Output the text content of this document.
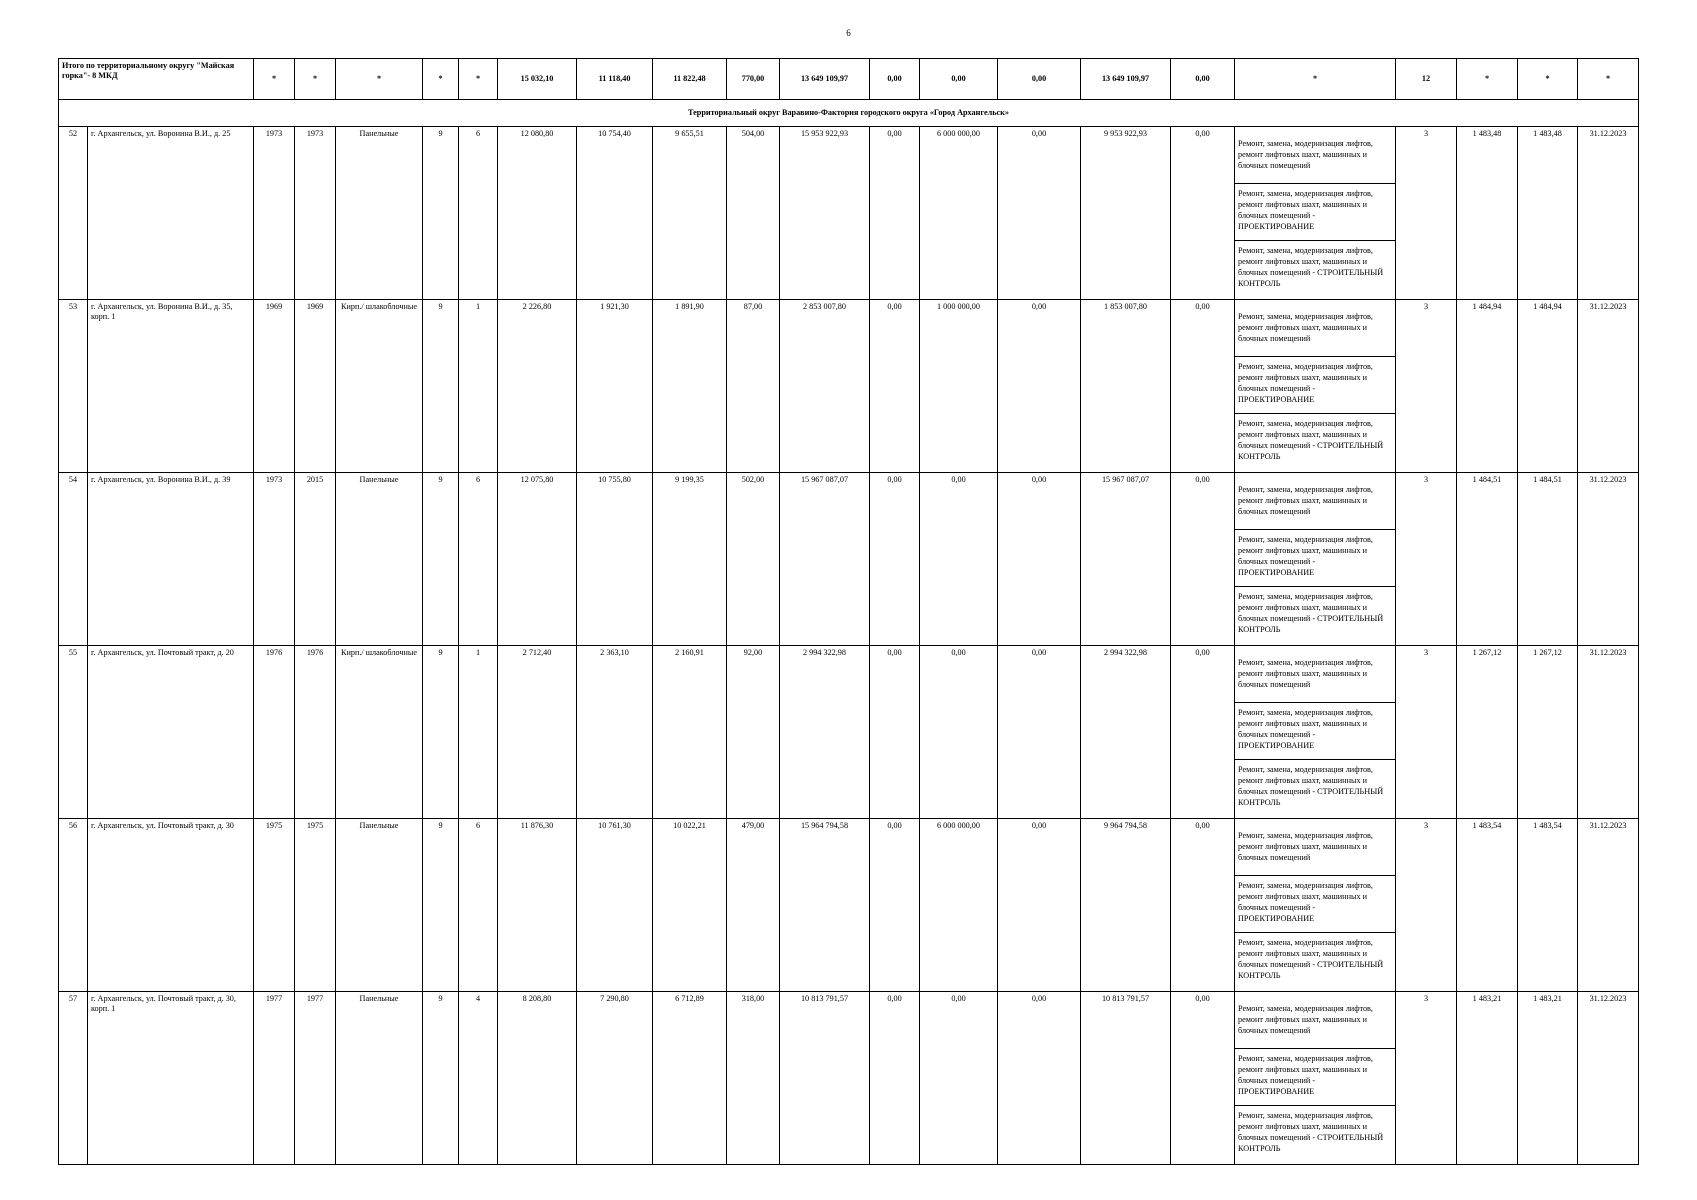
6
Итого по территориальному округу "Майская горка"- 8 МКД		*	*	*	*	*	15 032,10	11 118,40	11 822,48	770,00	13 649 109,97	0,00	0,00	0,00	13 649 109,97	0,00	*	12	*	*	*
Территориальный округ Варавино-Фактория городского округа «Город Архангельск»																					
52	г. Архангельск, ул. Воронина В.И., д. 25	1973	1973	Панельные	9	6	12 080,80	10 754,40	9 655,51	504,00	15 953 922,93	0,00	6 000 000,00	0,00	9 953 922,93	0,00	Ремонт, замена, модернизация лифтов, ремонт лифтовых шахт, машинных и блочных помещений
Ремонт, замена, модернизация лифтов, ремонт лифтовых шахт, машинных и блочных помещений - ПРОЕКТИРОВАНИЕ
Ремонт, замена, модернизация лифтов, ремонт лифтовых шахт, машинных и блочных помещений - СТРОИТЕЛЬНЫЙ КОНТРОЛЬ	3	1 483,48	1 483,48	31.12.2023
53	г. Архангельск, ул. Воронина В.И., д. 35, корп. 1	1969	1969	Кирп./ шлакоблочные	9	1	2 226,80	1 921,30	1 891,90	87,00	2 853 007,80	0,00	1 000 000,00	0,00	1 853 007,80	0,00	Ремонт, замена, модернизация лифтов, ремонт лифтовых шахт, машинных и блочных помещений
Ремонт, замена, модернизация лифтов, ремонт лифтовых шахт, машинных и блочных помещений - ПРОЕКТИРОВАНИЕ
Ремонт, замена, модернизация лифтов, ремонт лифтовых шахт, машинных и блочных помещений - СТРОИТЕЛЬНЫЙ КОНТРОЛЬ	3	1 484,94	1 484,94	31.12.2023
54	г. Архангельск, ул. Воронина В.И., д. 39	1973	2015	Панельные	9	6	12 075,80	10 755,80	9 199,35	502,00	15 967 087,07	0,00	0,00	0,00	15 967 087,07	0,00	Ремонт, замена, модернизация лифтов, ремонт лифтовых шахт, машинных и блочных помещений
Ремонт, замена, модернизация лифтов, ремонт лифтовых шахт, машинных и блочных помещений - ПРОЕКТИРОВАНИЕ
Ремонт, замена, модернизация лифтов, ремонт лифтовых шахт, машинных и блочных помещений - СТРОИТЕЛЬНЫЙ КОНТРОЛЬ	3	1 484,51	1 484,51	31.12.2023
55	г. Архангельск, ул. Почтовый тракт, д. 20	1976	1976	Кирп./ шлакоблочные	9	1	2 712,40	2 363,10	2 160,91	92,00	2 994 322,98	0,00	0,00	0,00	2 994 322,98	0,00	Ремонт, замена, модернизация лифтов, ремонт лифтовых шахт, машинных и блочных помещений
Ремонт, замена, модернизация лифтов, ремонт лифтовых шахт, машинных и блочных помещений - ПРОЕКТИРОВАНИЕ
Ремонт, замена, модернизация лифтов, ремонт лифтовых шахт, машинных и блочных помещений - СТРОИТЕЛЬНЫЙ КОНТРОЛЬ	3	1 267,12	1 267,12	31.12.2023
56	г. Архангельск, ул. Почтовый тракт, д. 30	1975	1975	Панельные	9	6	11 876,30	10 761,30	10 022,21	479,00	15 964 794,58	0,00	6 000 000,00	0,00	9 964 794,58	0,00	Ремонт, замена, модернизация лифтов, ремонт лифтовых шахт, машинных и блочных помещений
Ремонт, замена, модернизация лифтов, ремонт лифтовых шахт, машинных и блочных помещений - ПРОЕКТИРОВАНИЕ
Ремонт, замена, модернизация лифтов, ремонт лифтовых шахт, машинных и блочных помещений - СТРОИТЕЛЬНЫЙ КОНТРОЛЬ	3	1 483,54	1 483,54	31.12.2023
57	г. Архангельск, ул. Почтовый тракт, д. 30, корп. 1	1977	1977	Панельные	9	4	8 208,80	7 290,80	6 712,89	318,00	10 813 791,57	0,00	0,00	0,00	10 813 791,57	0,00	Ремонт, замена, модернизация лифтов, ремонт лифтовых шахт, машинных и блочных помещений
Ремонт, замена, модернизация лифтов, ремонт лифтовых шахт, машинных и блочных помещений - ПРОЕКТИРОВАНИЕ
Ремонт, замена, модернизация лифтов, ремонт лифтовых шахт, машинных и блочных помещений - СТРОИТЕЛЬНЫЙ КОНТРОЛЬ	3	1 483,21	1 483,21	31.12.2023
